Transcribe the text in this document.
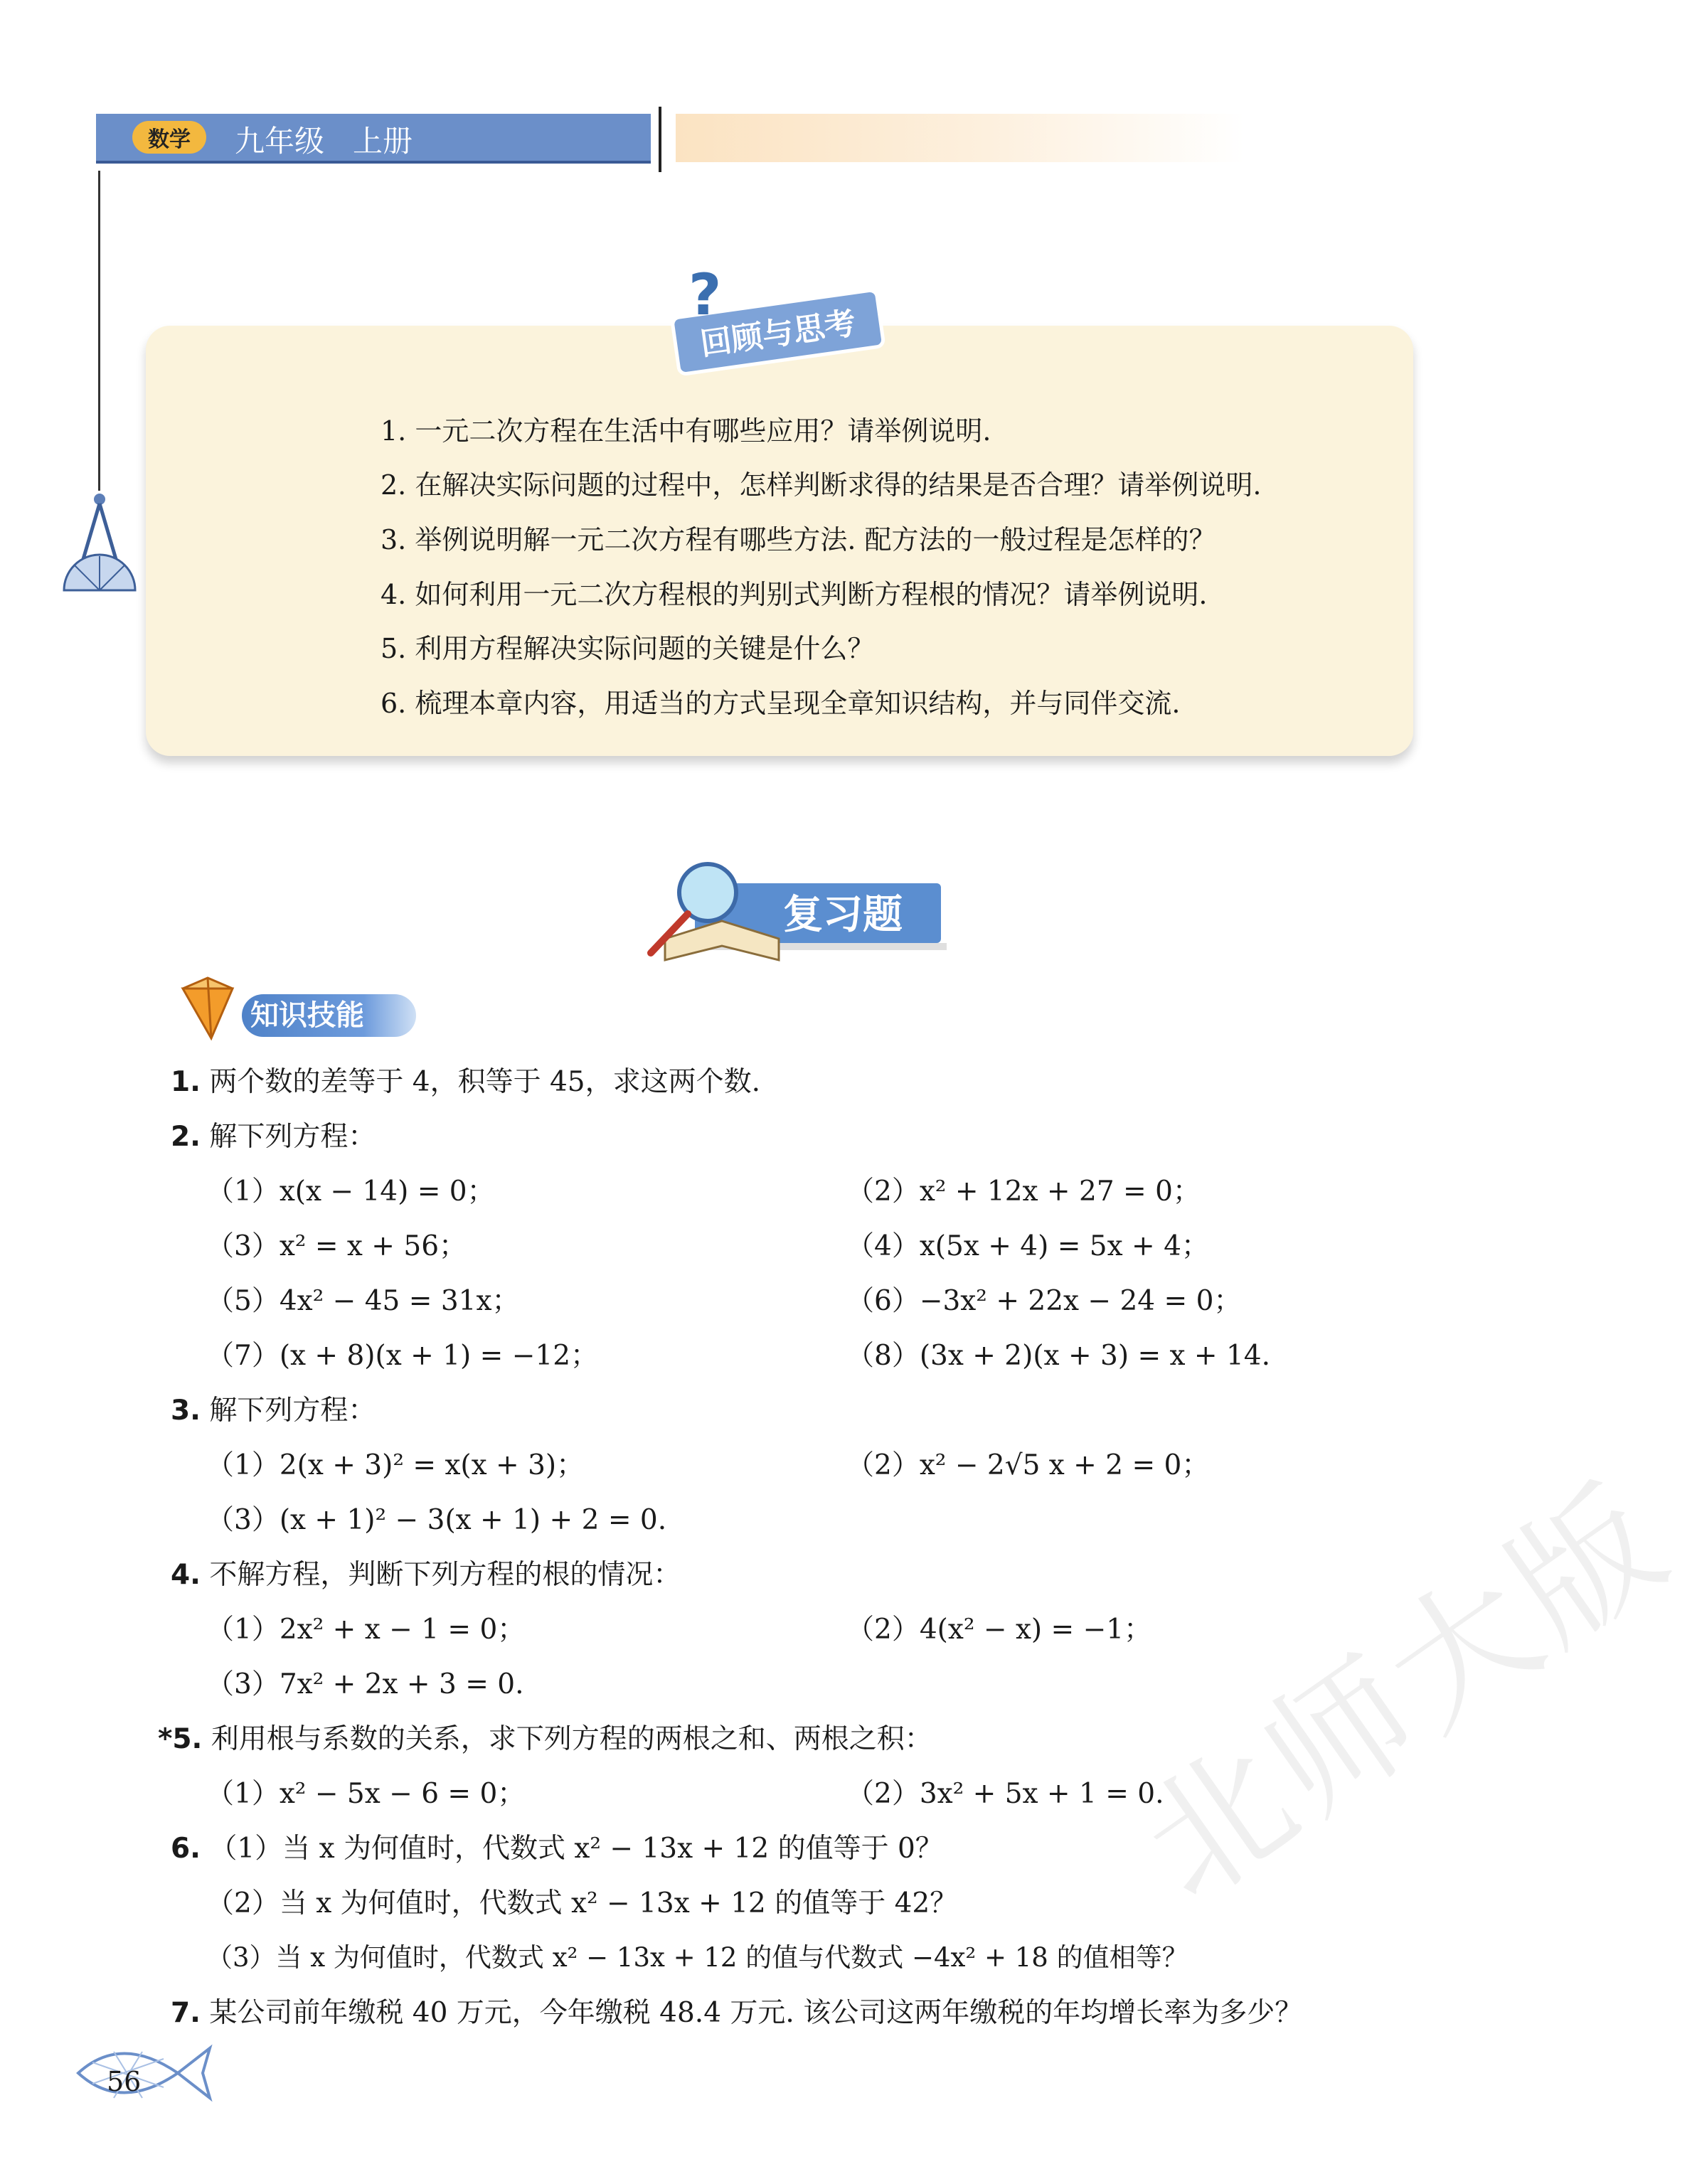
数学	九年级   上册
1. 一元二次方程在生活中有哪些应用？请举例说明.
2. 在解决实际问题的过程中，怎样判断求得的结果是否合理？请举例说明.
3. 举例说明解一元二次方程有哪些方法. 配方法的一般过程是怎样的？
4. 如何利用一元二次方程根的判别式判断方程根的情况？请举例说明.
5. 利用方程解决实际问题的关键是什么？
6. 梳理本章内容，用适当的方式呈现全章知识结构，并与同伴交流.
回顾与思考
?
复习题
知识技能
1. 两个数的差等于 4，积等于 45，求这两个数.
2. 解下列方程：
（1）x(x − 14) = 0；	（2）x² + 12x + 27 = 0；
（3）x² = x + 56；	（4）x(5x + 4) = 5x + 4；
（5）4x² − 45 = 31x；	（6）−3x² + 22x − 24 = 0；
（7）(x + 8)(x + 1) = −12；	（8）(3x + 2)(x + 3) = x + 14.
3. 解下列方程：
（1）2(x + 3)² = x(x + 3)；	（2）x² − 2√5 x + 2 = 0；
（3）(x + 1)² − 3(x + 1) + 2 = 0.
4. 不解方程，判断下列方程的根的情况：
（1）2x² + x − 1 = 0；	（2）4(x² − x) = −1；
（3）7x² + 2x + 3 = 0.
*5. 利用根与系数的关系，求下列方程的两根之和、两根之积：
（1）x² − 5x − 6 = 0；	（2）3x² + 5x + 1 = 0.
6. （1）当 x 为何值时，代数式 x² − 13x + 12 的值等于 0？
（2）当 x 为何值时，代数式 x² − 13x + 12 的值等于 42？
（3）当 x 为何值时，代数式 x² − 13x + 12 的值与代数式 −4x² + 18 的值相等？
7. 某公司前年缴税 40 万元，今年缴税 48.4 万元. 该公司这两年缴税的年均增长率为多少？
56
北师大版
